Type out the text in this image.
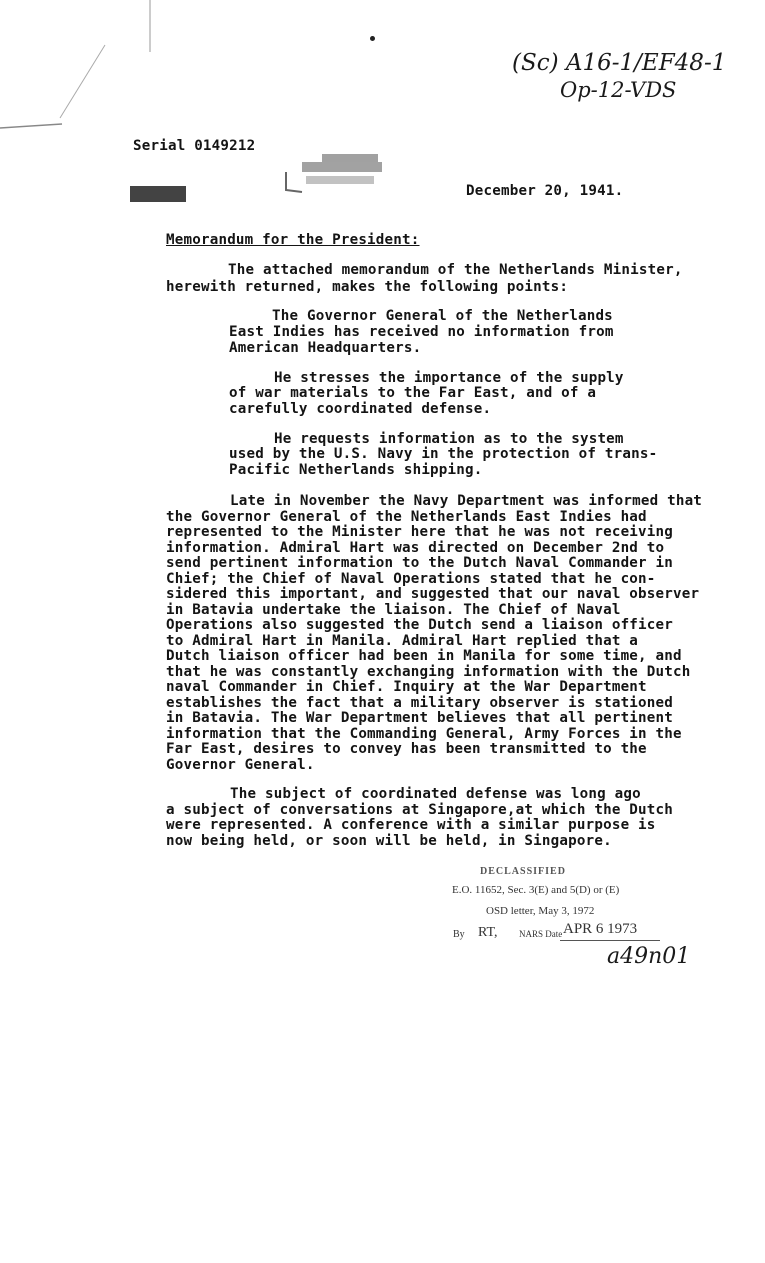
(Sc) A16-1/EF48-1
Op-12-VDS
Serial 0149212
December 20, 1941.
Memorandum for the President:
The attached memorandum of the Netherlands Minister,
herewith returned, makes the following points:
The Governor General of the Netherlands
East Indies has received no information from
American Headquarters.
He stresses the importance of the supply
of war materials to the Far East, and of a
carefully coordinated defense.
He requests information as to the system
used by the U.S. Navy in the protection of trans-
Pacific Netherlands shipping.
Late in November the Navy Department was informed that
the Governor General of the Netherlands East Indies had
represented to the Minister here that he was not receiving
information. Admiral Hart was directed on December 2nd to
send pertinent information to the Dutch Naval Commander in
Chief; the Chief of Naval Operations stated that he con-
sidered this important, and suggested that our naval observer
in Batavia undertake the liaison. The Chief of Naval
Operations also suggested the Dutch send a liaison officer
to Admiral Hart in Manila. Admiral Hart replied that a
Dutch liaison officer had been in Manila for some time, and
that he was constantly exchanging information with the Dutch
naval Commander in Chief. Inquiry at the War Department
establishes the fact that a military observer is stationed
in Batavia. The War Department believes that all pertinent
information that the Commanding General, Army Forces in the
Far East, desires to convey has been transmitted to the
Governor General.
The subject of coordinated defense was long ago
a subject of conversations at Singapore,at which the Dutch
were represented. A conference with a similar purpose is
now being held, or soon will be held, in Singapore.
DECLASSIFIED
E.O. 11652, Sec. 3(E) and 5(D) or (E)
OSD letter, May 3, 1972
By RT, NARS Date APR 6 1973
a49n01
